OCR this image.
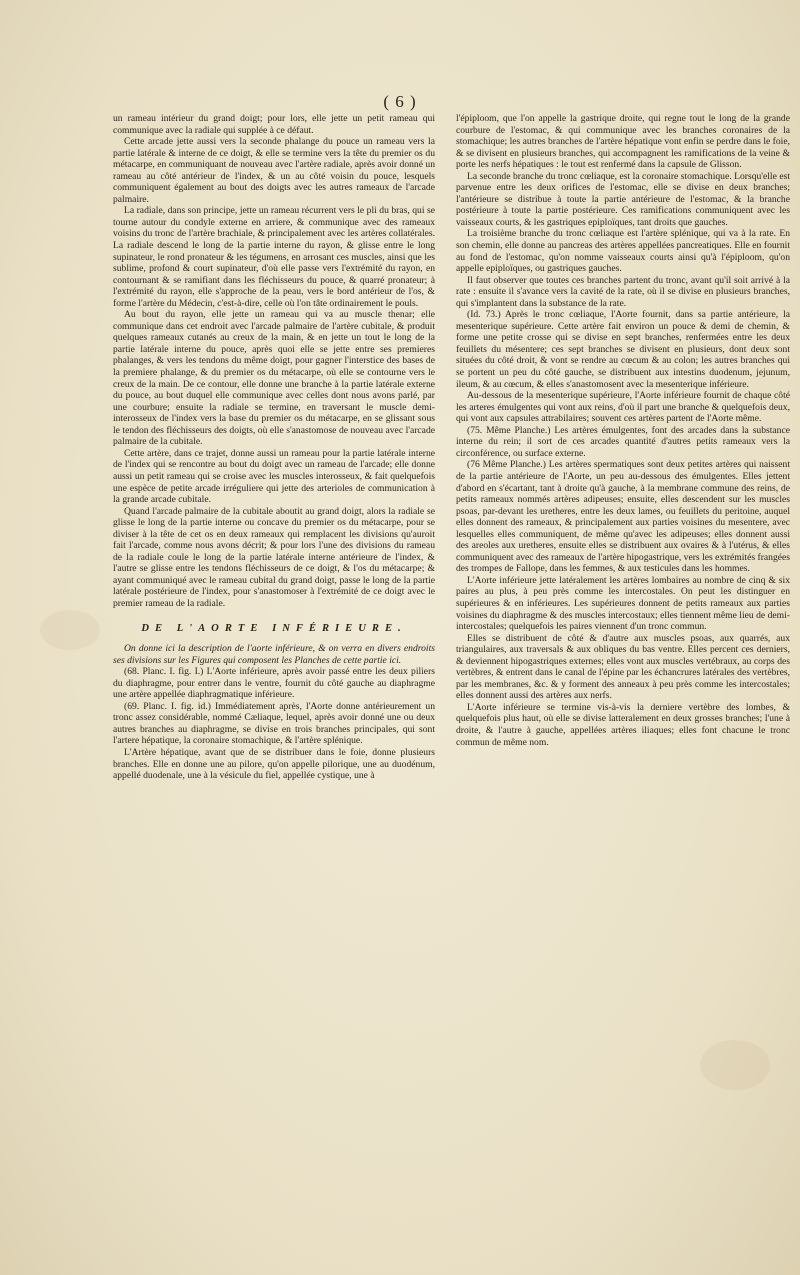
( 6 )

un rameau intérieur du grand doigt; pour lors, elle jette un petit rameau qui communique avec la radiale qui supplée à ce défaut.

Cette arcade jette aussi vers la seconde phalange du pouce un rameau vers la partie latérale & interne de ce doigt, & elle se termine vers la tête du premier os du métacarpe, en communiquant de nouveau avec l'artère radiale, après avoir donné un rameau au côté antérieur de l'index, & un au côté voisin du pouce, lesquels communiquent également au bout des doigts avec les autres rameaux de l'arcade palmaire.

La radiale, dans son principe, jette un rameau récurrent vers le pli du bras, qui se tourne autour du condyle externe en arriere, & communique avec des rameaux voisins du tronc de l'artère brachiale, & principalement avec les artères collatérales. La radiale descend le long de la partie interne du rayon, & glisse entre le long supinateur, le rond pronateur & les tégumens, en arrosant ces muscles, ainsi que les sublime, profond & court supinateur, d'où elle passe vers l'extrémité du rayon, en contournant & se ramifiant dans les fléchisseurs du pouce, & quarré pronateur; à l'extrémité du rayon, elle s'approche de la peau, vers le bord antérieur de l'os, & forme l'artère du Médecin, c'est-à-dire, celle où l'on tâte ordinairement le pouls.

Au bout du rayon, elle jette un rameau qui va au muscle thenar; elle communique dans cet endroit avec l'arcade palmaire de l'artère cubitale, & produit quelques rameaux cutanés au creux de la main, & en jette un tout le long de la partie latérale interne du pouce, après quoi elle se jette entre ses premieres phalanges, & vers les tendons du même doigt, pour gagner l'interstice des bases de la premiere phalange, & du premier os du métacarpe, où elle se contourne vers le creux de la main. De ce contour, elle donne une branche à la partie latérale externe du pouce, au bout duquel elle communique avec celles dont nous avons parlé, par une courbure; ensuite la radiale se termine, en traversant le muscle demi-interosseux de l'index vers la base du premier os du métacarpe, en se glissant sous le tendon des fléchisseurs des doigts, où elle s'anastomose de nouveau avec l'arcade palmaire de la cubitale.

Cette artère, dans ce trajet, donne aussi un rameau pour la partie latérale interne de l'index qui se rencontre au bout du doigt avec un rameau de l'arcade; elle donne aussi un petit rameau qui se croise avec les muscles interosseux, & fait quelquefois une espèce de petite arcade irréguliere qui jette des arterioles de communication à la grande arcade cubitale.

Quand l'arcade palmaire de la cubitale aboutit au grand doigt, alors la radiale se glisse le long de la partie interne ou concave du premier os du métacarpe, pour se diviser à la tête de cet os en deux rameaux qui remplacent les divisions qu'auroit fait l'arcade, comme nous avons décrit; & pour lors l'une des divisions du rameau de la radiale coule le long de la partie latérale interne antérieure de l'index, & l'autre se glisse entre les tendons fléchisseurs de ce doigt, & l'os du métacarpe; & ayant communiqué avec le rameau cubital du grand doigt, passe le long de la partie latérale postérieure de l'index, pour s'anastomoser à l'extrémité de ce doigt avec le premier rameau de la radiale.

DE L'AORTE INFÉRIEURE.

On donne ici la description de l'aorte inférieure, & on verra en divers endroits ses divisions sur les Figures qui composent les Planches de cette partie ici.

(68. Planc. I. fig. I.) L'Aorte inférieure, après avoir passé entre les deux piliers du diaphragme, pour entrer dans le ventre, fournit du côté gauche au diaphragme une artère appellée diaphragmatique inférieure.

(69. Planc. I. fig. id.) Immédiatement après, l'Aorte donne antérieurement un tronc assez considérable, nommé Cæliaque, lequel, après avoir donné une ou deux autres branches au diaphragme, se divise en trois branches principales, qui sont l'artere hépatique, la coronaire stomachique, & l'artère splénique.

L'Artère hépatique, avant que de se distribuer dans le foie, donne plusieurs branches. Elle en donne une au pilore, qu'on appelle pilorique, une au duodénum, appellé duodenale, une à la vésicule du fiel, appellée cystique, une à

l'épiploom, que l'on appelle la gastrique droite, qui regne tout le long de la grande courbure de l'estomac, & qui communique avec les branches coronaires de la stomachique; les autres branches de l'artère hépatique vont enfin se perdre dans le foie, & se divisent en plusieurs branches, qui accompagnent les ramifications de la veine & porte les nerfs hépatiques : le tout est renfermé dans la capsule de Glisson.

La seconde branche du tronc cœliaque, est la coronaire stomachique. Lorsqu'elle est parvenue entre les deux orifices de l'estomac, elle se divise en deux branches; l'antérieure se distribue à toute la partie antérieure de l'estomac, & la branche postérieure à toute la partie postérieure. Ces ramifications communiquent avec les vaisseaux courts, & les gastriques epiploïques, tant droits que gauches.

La troisième branche du tronc cœliaque est l'artère splénique, qui va à la rate. En son chemin, elle donne au pancreas des artères appellées pancreatiques. Elle en fournit au fond de l'estomac, qu'on nomme vaisseaux courts ainsi qu'à l'épiploom, qu'on appelle epiploïques, ou gastriques gauches.

Il faut observer que toutes ces branches partent du tronc, avant qu'il soit arrivé à la rate : ensuite il s'avance vers la cavité de la rate, où il se divise en plusieurs branches, qui s'implantent dans la substance de la rate.

(Id. 73.) Après le tronc cœliaque, l'Aorte fournit, dans sa partie antérieure, la mesenterique supérieure. Cette artère fait environ un pouce & demi de chemin, & forme une petite crosse qui se divise en sept branches, renfermées entre les deux feuillets du mésentere; ces sept branches se divisent en plusieurs, dont deux sont situées du côté droit, & vont se rendre au cœcum & au colon; les autres branches qui se portent un peu du côté gauche, se distribuent aux intestins duodenum, jejunum, ileum, & au cœcum, & elles s'anastomosent avec la mesenterique inférieure.

Au-dessous de la mesenterique supérieure, l'Aorte inférieure fournit de chaque côté les arteres émulgentes qui vont aux reins, d'où il part une branche & quelquefois deux, qui vont aux capsules attrabilaires; souvent ces artères partent de l'Aorte même.

(75. Même Planche.) Les artères émulgentes, font des arcades dans la substance interne du rein; il sort de ces arcades quantité d'autres petits rameaux vers la circonférence, ou surface externe.

(76 Même Planche.) Les artères spermatiques sont deux petites artères qui naissent de la partie antérieure de l'Aorte, un peu au-dessous des émulgentes. Elles jettent d'abord en s'écartant, tant à droite qu'à gauche, à la membrane commune des reins, de petits rameaux nommés artères adipeuses; ensuite, elles descendent sur les muscles psoas, par-devant les uretheres, entre les deux lames, ou feuillets du peritoine, auquel elles donnent des rameaux, & principalement aux parties voisines du mesentere, avec lesquelles elles communiquent, de même qu'avec les adipeuses; elles donnent aussi des areoles aux uretheres, ensuite elles se distribuent aux ovaires & à l'utérus, & elles communiquent avec des rameaux de l'artère hipogastrique, vers les extrémités frangées des trompes de Fallope, dans les femmes, & aux testicules dans les hommes.

L'Aorte inférieure jette latéralement les artères lombaires au nombre de cinq & six paires au plus, à peu près comme les intercostales. On peut les distinguer en supérieures & en inférieures. Les supérieures donnent de petits rameaux aux parties voisines du diaphragme & des muscles intercostaux; elles tiennent même lieu de demi-intercostales; quelquefois les paires viennent d'un tronc commun.

Elles se distribuent de côté & d'autre aux muscles psoas, aux quarrés, aux triangulaires, aux traversals & aux obliques du bas ventre. Elles percent ces derniers, & deviennent hipogastriques externes; elles vont aux muscles vertébraux, au corps des vertèbres, & entrent dans le canal de l'épine par les échancrures latérales des vertèbres, par les membranes, &c. & y forment des anneaux à peu près comme les intercostales; elles donnent aussi des artères aux nerfs.

L'Aorte inférieure se termine vis-à-vis la derniere vertèbre des lombes, & quelquefois plus haut, où elle se divise latteralement en deux grosses branches; l'une à droite, & l'autre à gauche, appellées artères iliaques; elles font chacune le tronc commun de même nom.
